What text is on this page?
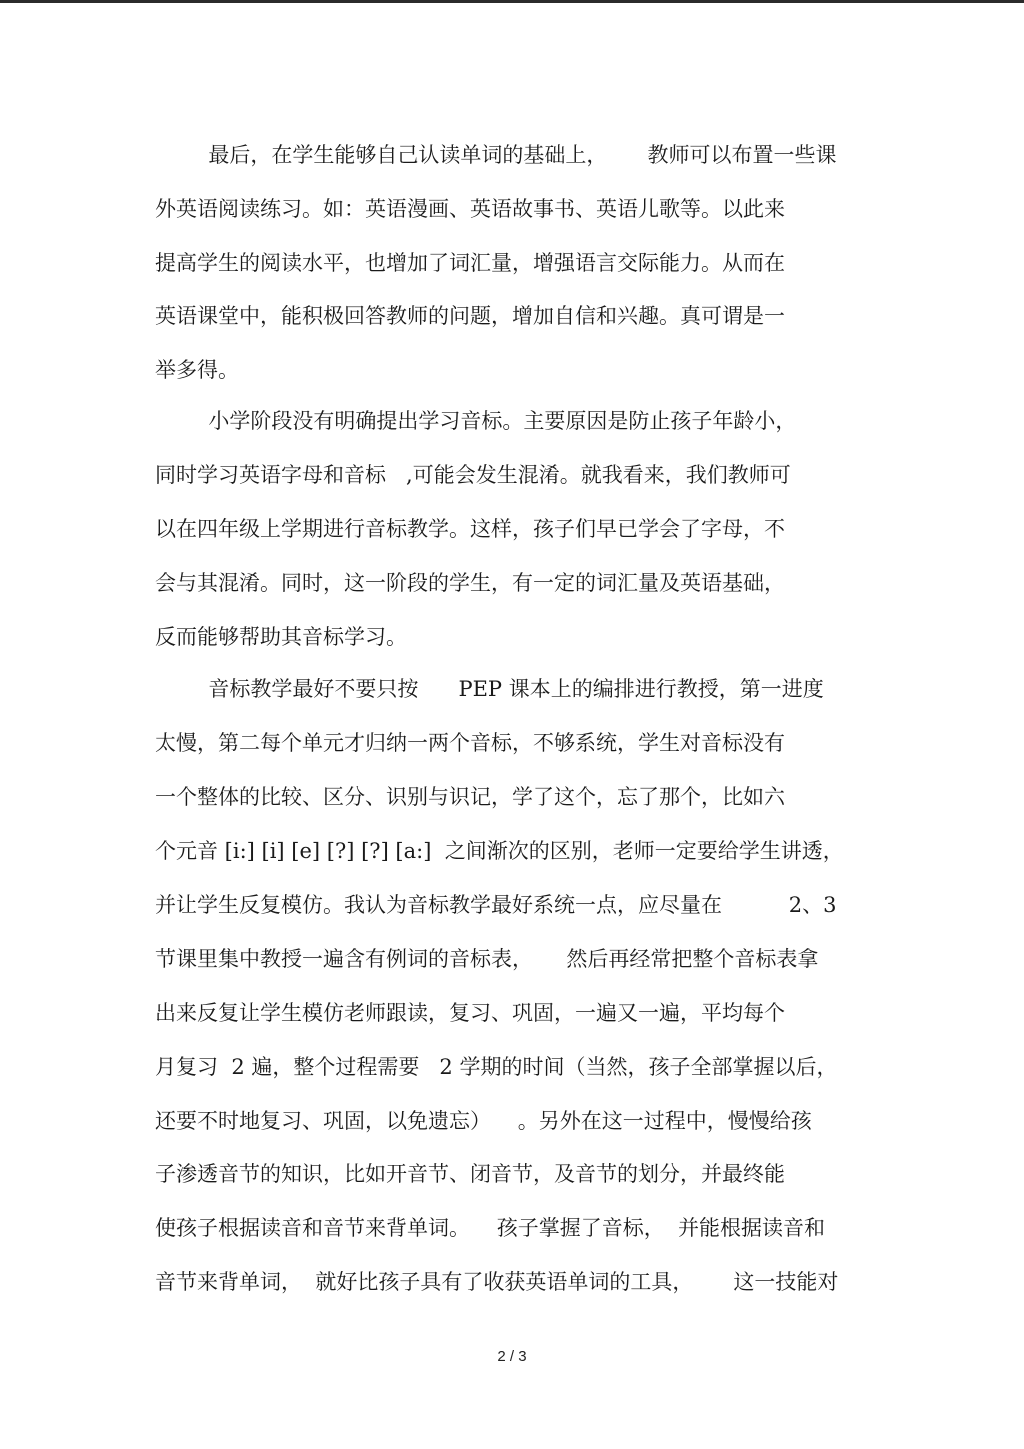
最后，在学生能够自己认读单词的基础上，      教师可以布置一些课
外英语阅读练习。如：英语漫画、英语故事书、英语儿歌等。以此来
提高学生的阅读水平，也增加了词汇量，增强语言交际能力。从而在
英语课堂中，能积极回答教师的问题，增加自信和兴趣。真可谓是一
举多得。
小学阶段没有明确提出学习音标。主要原因是防止孩子年龄小，
同时学习英语字母和音标   ,可能会发生混淆。就我看来，我们教师可
以在四年级上学期进行音标教学。这样，孩子们早已学会了字母，不
会与其混淆。同时，这一阶段的学生，有一定的词汇量及英语基础，
反而能够帮助其音标学习。
音标教学最好不要只按      PEP 课本上的编排进行教授，第一进度
太慢，第二每个单元才归纳一两个音标，不够系统，学生对音标没有
一个整体的比较、区分、识别与识记，学了这个，忘了那个，比如六
个元音 [i:] [i] [e] [?] [?] [a:]  之间渐次的区别，老师一定要给学生讲透，
并让学生反复模仿。我认为音标教学最好系统一点，应尽量在          2、3
节课里集中教授一遍含有例词的音标表，     然后再经常把整个音标表拿
出来反复让学生模仿老师跟读，复习、巩固，一遍又一遍，平均每个
月复习  2 遍，整个过程需要   2 学期的时间（当然，孩子全部掌握以后，
还要不时地复习、巩固，以免遗忘）    。另外在这一过程中，慢慢给孩
子渗透音节的知识，比如开音节、闭音节，及音节的划分，并最终能
使孩子根据读音和音节来背单词。    孩子掌握了音标，  并能根据读音和
音节来背单词，  就好比孩子具有了收获英语单词的工具，      这一技能对
2 / 3
